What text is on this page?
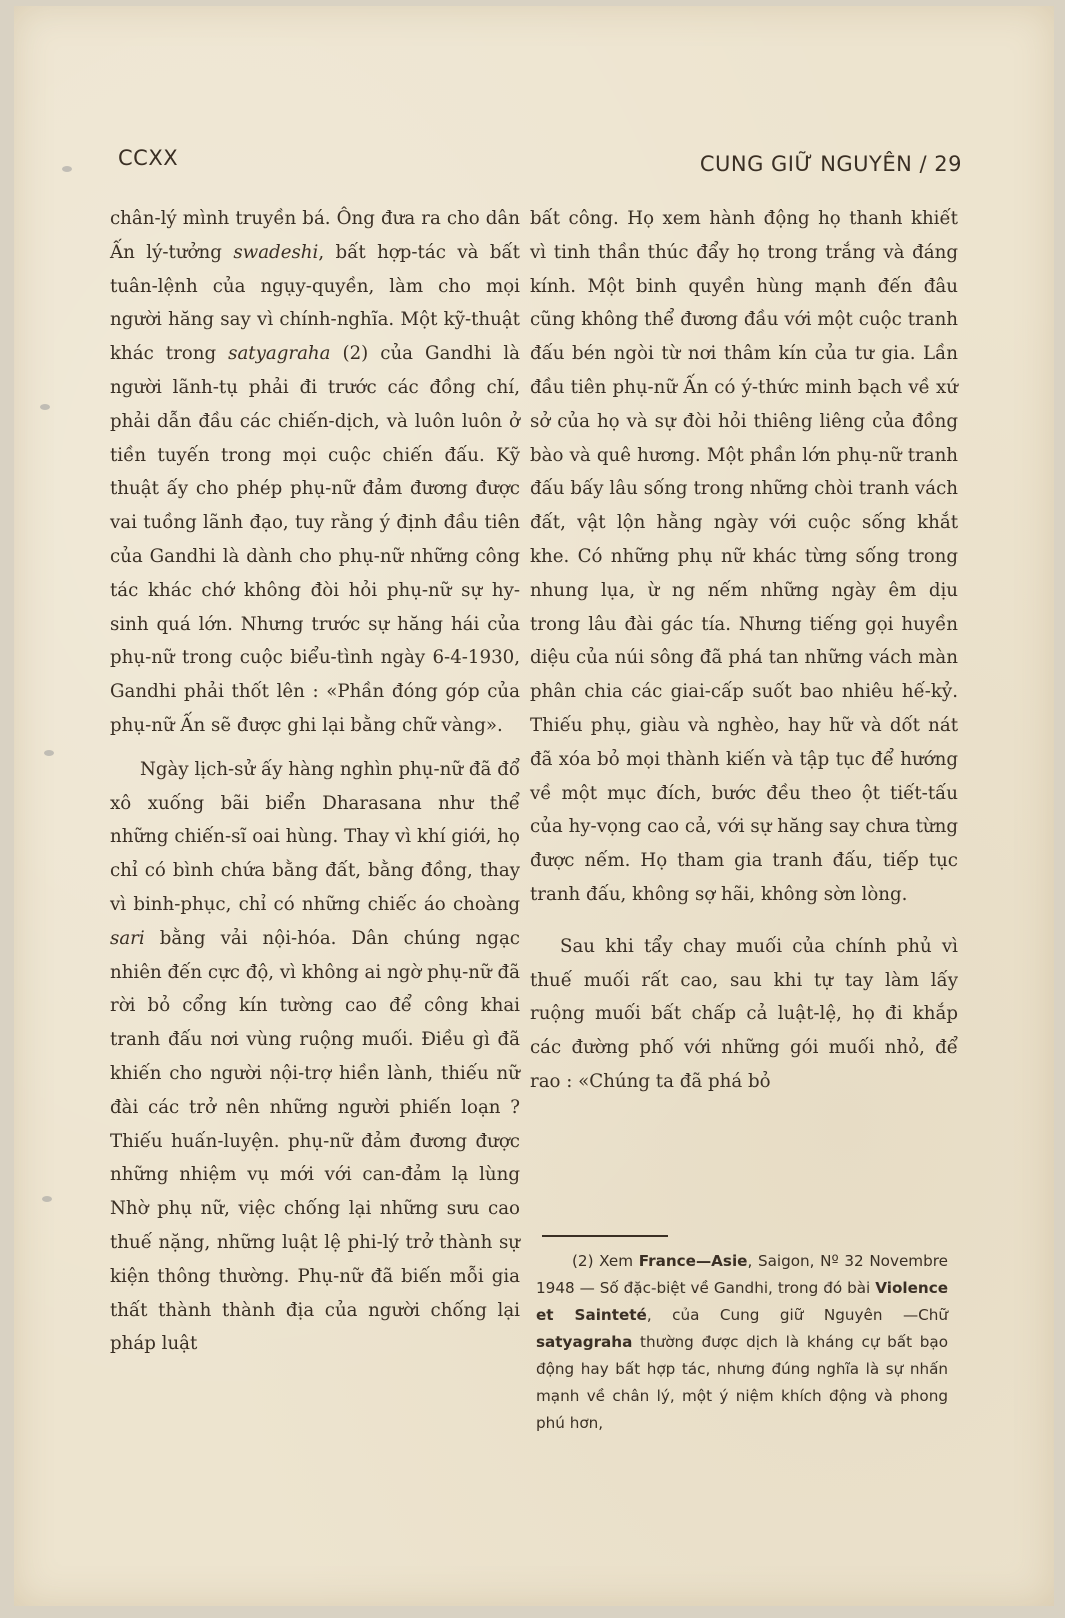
CCXX	CUNG GIỮ NGUYÊN / 29

chân-lý mình truyền bá. Ông đưa ra cho dân Ấn lý-tưởng swadeshi, bất hợp-tác và bất tuân-lệnh của ngụy-quyền, làm cho mọi người hăng say vì chính-nghĩa. Một kỹ-thuật khác trong satyagraha (2) của Gandhi là người lãnh-tụ phải đi trước các đồng chí, phải dẫn đầu các chiến-dịch, và luôn luôn ở tiền tuyến trong mọi cuộc chiến đấu. Kỹ thuật ấy cho phép phụ-nữ đảm đương được vai tuồng lãnh đạo, tuy rằng ý định đầu tiên của Gandhi là dành cho phụ-nữ những công tác khác chớ không đòi hỏi phụ-nữ sự hy-sinh quá lớn. Nhưng trước sự hăng hái của phụ-nữ trong cuộc biểu-tình ngày 6-4-1930, Gandhi phải thốt lên : «Phần đóng góp của phụ-nữ Ấn sẽ được ghi lại bằng chữ vàng».

Ngày lịch-sử ấy hàng nghìn phụ-nữ đã đổ xô xuống bãi biển Dharasana như thể những chiến-sĩ oai hùng. Thay vì khí giới, họ chỉ có bình chứa bằng đất, bằng đồng, thay vì binh-phục, chỉ có những chiếc áo choàng sari bằng vải nội-hóa. Dân chúng ngạc nhiên đến cực độ, vì không ai ngờ phụ-nữ đã rời bỏ cổng kín tường cao để công khai tranh đấu nơi vùng ruộng muối. Điều gì đã khiến cho người nội-trợ hiền lành, thiếu nữ đài các trở nên những người phiến loạn ? Thiếu huấn-luyện. phụ-nữ đảm đương được những nhiệm vụ mới với can-đảm lạ lùng Nhờ phụ nữ, việc chống lại những sưu cao thuế nặng, những luật lệ phi-lý trở thành sự kiện thông thường. Phụ-nữ đã biến mỗi gia thất thành thành địa của người chống lại pháp luật

bất công. Họ xem hành động họ thanh khiết vì tinh thần thúc đẩy họ trong trắng và đáng kính. Một binh quyền hùng mạnh đến đâu cũng không thể đương đầu với một cuộc tranh đấu bén ngòi từ nơi thâm kín của tư gia. Lần đầu tiên phụ-nữ Ấn có ý-thức minh bạch về xứ sở của họ và sự đòi hỏi thiêng liêng của đồng bào và quê hương. Một phần lớn phụ-nữ tranh đấu bấy lâu sống trong những chòi tranh vách đất, vật lộn hằng ngày với cuộc sống khắt khe. Có những phụ nữ khác từng sống trong nhung lụa, ừ ng nếm những ngày êm dịu trong lâu đài gác tía. Nhưng tiếng gọi huyền diệu của núi sông đã phá tan những vách màn phân chia các giai-cấp suốt bao nhiêu hế-kỷ. Thiếu phụ, giàu và nghèo, hay hữ và dốt nát đã xóa bỏ mọi thành kiến và tập tục để hướng về một mục đích, bước đều theo ột tiết-tấu của hy-vọng cao cả, với sự hăng say chưa từng được nếm. Họ tham gia tranh đấu, tiếp tục tranh đấu, không sợ hãi, không sờn lòng.

Sau khi tẩy chay muối của chính phủ vì thuế muối rất cao, sau khi tự tay làm lấy ruộng muối bất chấp cả luật-lệ, họ đi khắp các đường phố với những gói muối nhỏ, để rao : «Chúng ta đã phá bỏ

(2) Xem France—Asie, Saigon, Nº 32 Novembre 1948 — Số đặc-biệt về Gandhi, trong đó bài Violence et Sainteté, của Cung giữ Nguyên —Chữ satyagraha thường được dịch là kháng cự bất bạo động hay bất hợp tác, nhưng đúng nghĩa là sự nhấn mạnh về chân lý, một ý niệm khích động và phong phú hơn,
